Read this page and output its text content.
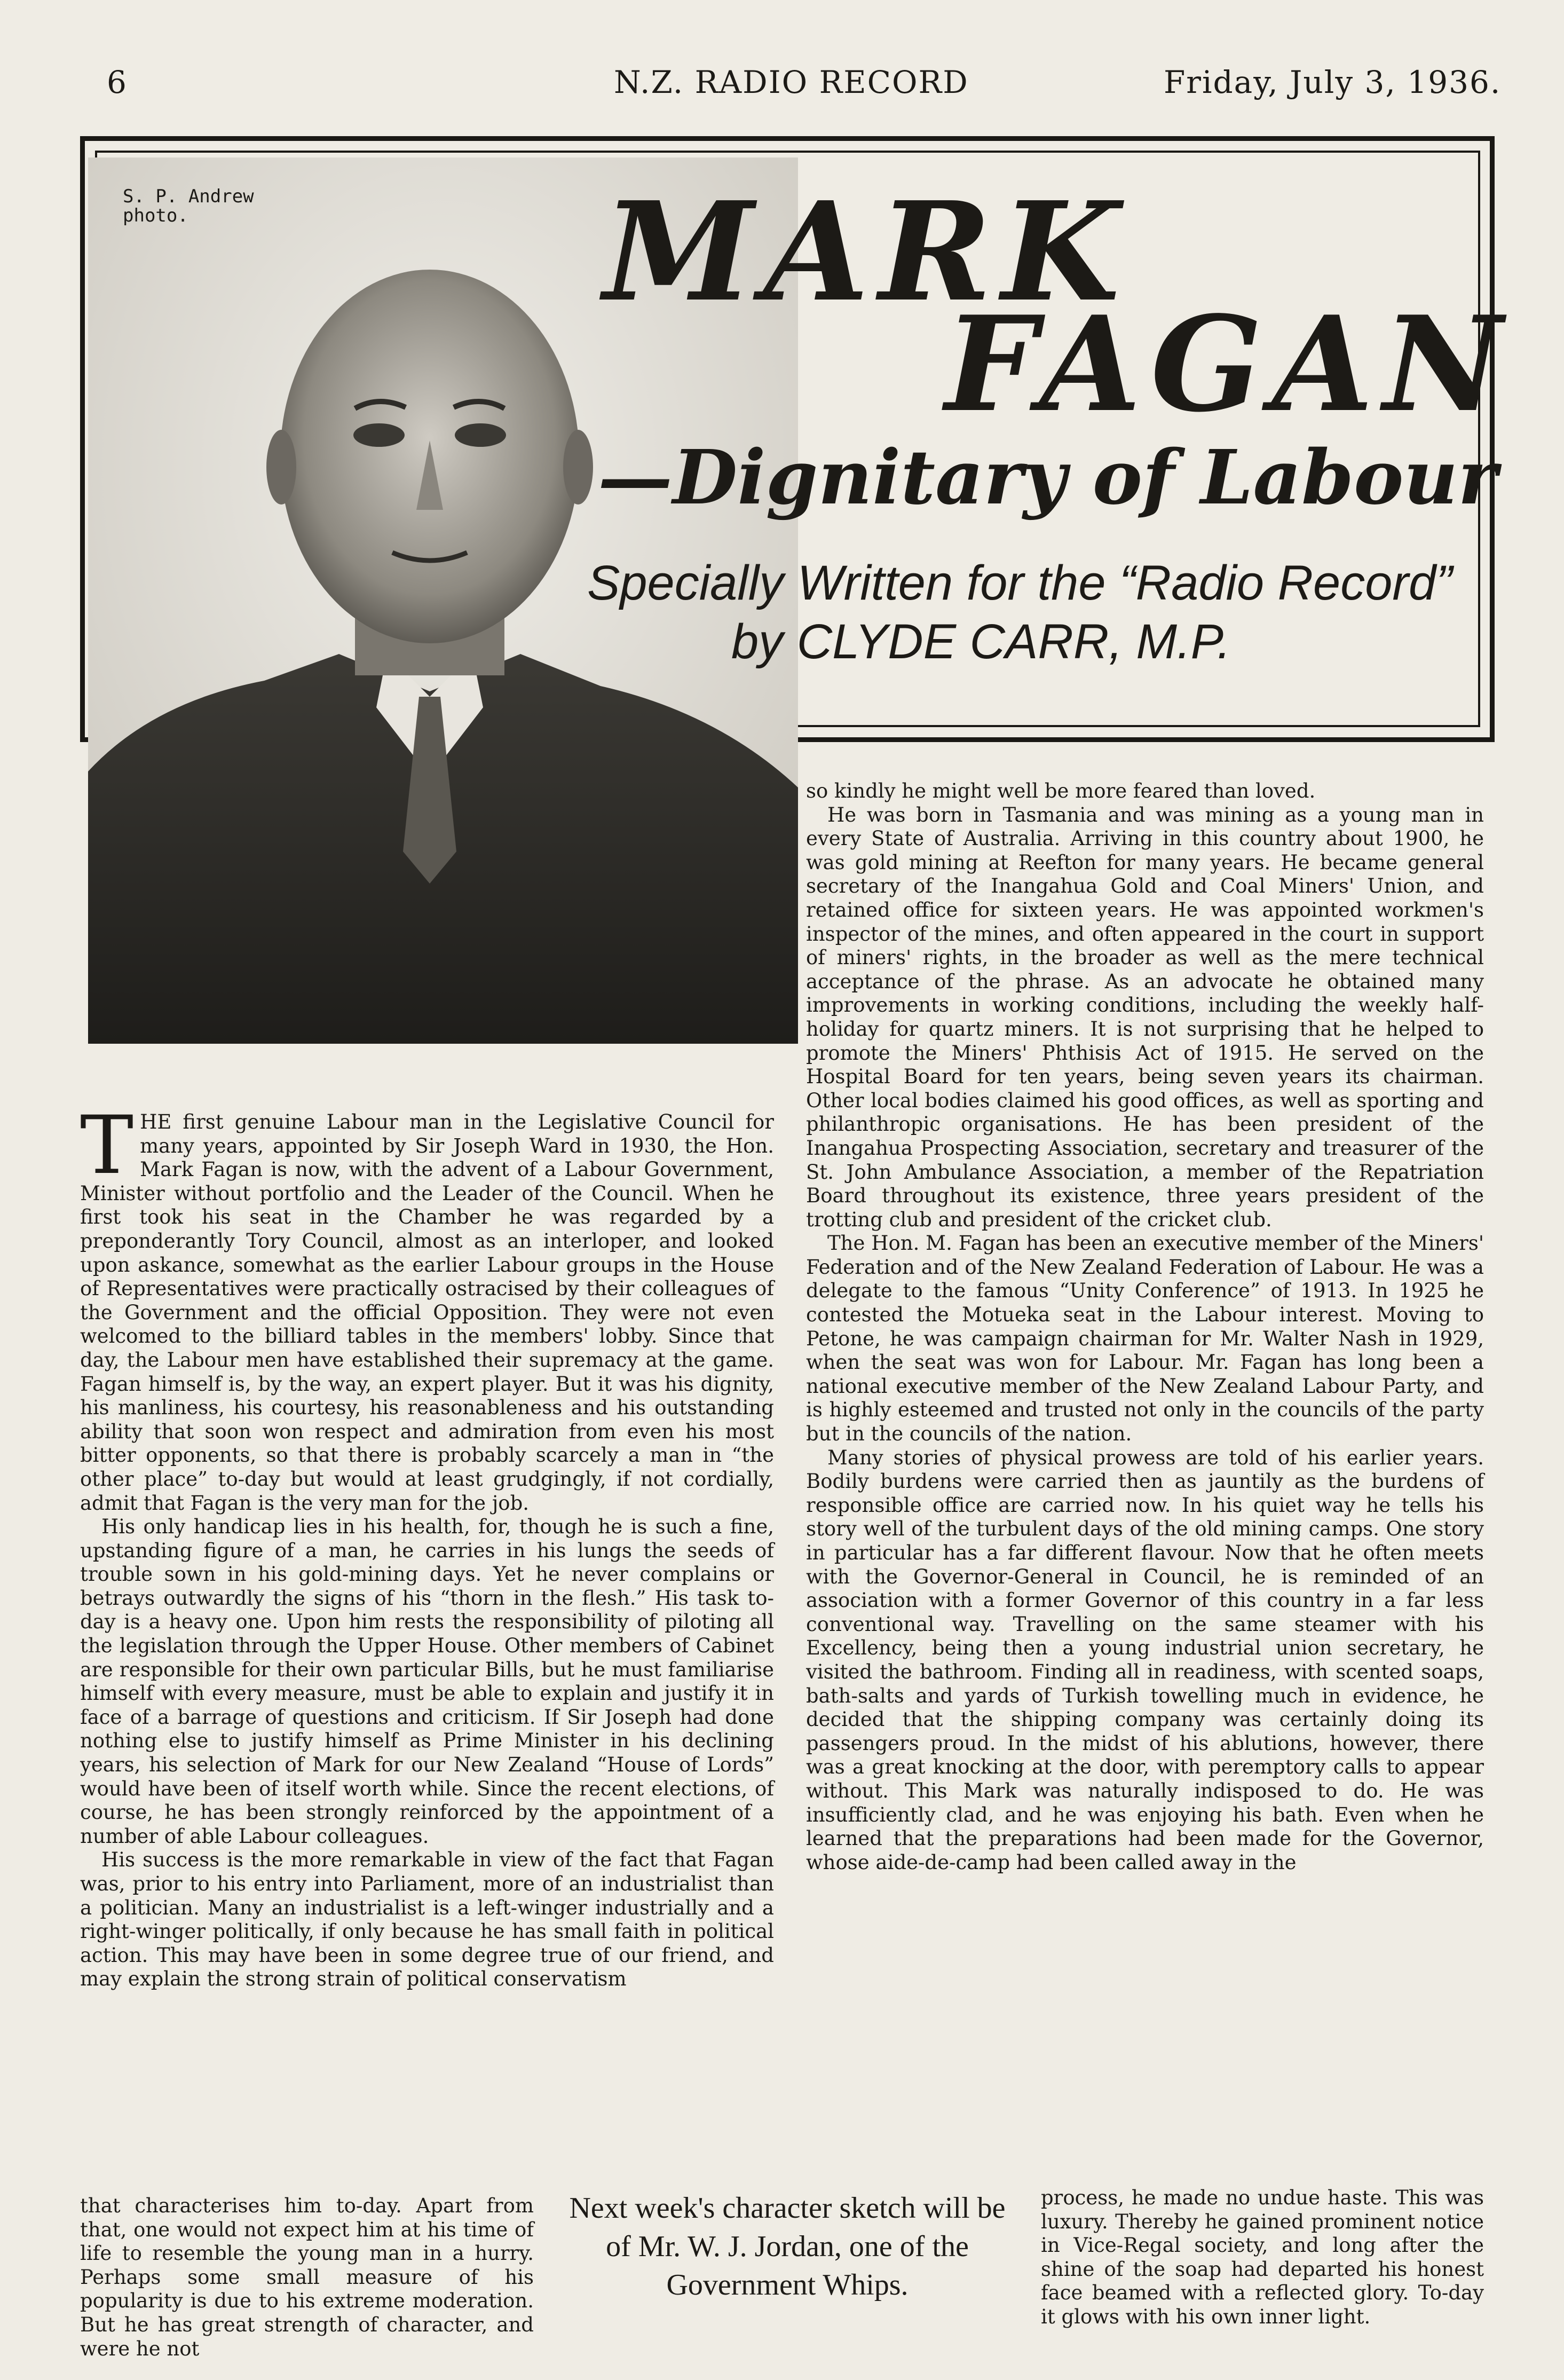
6	N.Z. RADIO RECORD	Friday, July 3, 1936.
S. P. Andrew photo.	MARK
FAGAN
—Dignitary of Labour
Specially Written for the “Radio Record”
by CLYDE CARR, M.P.
T HE first genuine Labour man in the Legislative Council for many years, appointed by Sir Joseph Ward in 1930, the Hon. Mark Fagan is now, with the advent of a Labour Government, Minister without portfolio and the Leader of the Council. When he first took his seat in the Chamber he was regarded by a preponderantly Tory Council, almost as an interloper, and looked upon askance, somewhat as the earlier Labour groups in the House of Representatives were practically ostracised by their colleagues of the Government and the official Opposition. They were not even welcomed to the billiard tables in the members' lobby. Since that day, the Labour men have established their supremacy at the game. Fagan himself is, by the way, an expert player. But it was his dignity, his manliness, his courtesy, his reasonableness and his outstanding ability that soon won respect and admiration from even his most bitter opponents, so that there is probably scarcely a man in “the other place” to-day but would at least grudgingly, if not cordially, admit that Fagan is the very man for the job.

His only handicap lies in his health, for, though he is such a fine, upstanding figure of a man, he carries in his lungs the seeds of trouble sown in his gold-mining days. Yet he never complains or betrays outwardly the signs of his “thorn in the flesh.” His task to-day is a heavy one. Upon him rests the responsibility of piloting all the legislation through the Upper House. Other members of Cabinet are responsible for their own particular Bills, but he must familiarise himself with every measure, must be able to explain and justify it in face of a barrage of questions and criticism. If Sir Joseph had done nothing else to justify himself as Prime Minister in his declining years, his selection of Mark for our New Zealand “House of Lords” would have been of itself worth while. Since the recent elections, of course, he has been strongly reinforced by the appointment of a number of able Labour colleagues.

His success is the more remarkable in view of the fact that Fagan was, prior to his entry into Parliament, more of an industrialist than a politician. Many an industrialist is a left-winger industrially and a right-winger politically, if only because he has small faith in political action. This may have been in some degree true of our friend, and may explain the strong strain of political conservatism

that characterises him to-day. Apart from that, one would not expect him at his time of life to resemble the young man in a hurry. Perhaps some small measure of his popularity is due to his extreme moderation. But he has great strength of character, and were he not

so kindly he might well be more feared than loved.

He was born in Tasmania and was mining as a young man in every State of Australia. Arriving in this country about 1900, he was gold mining at Reefton for many years. He became general secretary of the Inangahua Gold and Coal Miners' Union, and retained office for sixteen years. He was appointed workmen's inspector of the mines, and often appeared in the court in support of miners' rights, in the broader as well as the mere technical acceptance of the phrase. As an advocate he obtained many improvements in working conditions, including the weekly half-holiday for quartz miners. It is not surprising that he helped to promote the Miners' Phthisis Act of 1915. He served on the Hospital Board for ten years, being seven years its chairman. Other local bodies claimed his good offices, as well as sporting and philanthropic organisations. He has been president of the Inangahua Prospecting Association, secretary and treasurer of the St. John Ambulance Association, a member of the Repatriation Board throughout its existence, three years president of the trotting club and president of the cricket club.

The Hon. M. Fagan has been an executive member of the Miners' Federation and of the New Zealand Federation of Labour. He was a delegate to the famous “Unity Conference” of 1913. In 1925 he contested the Motueka seat in the Labour interest. Moving to Petone, he was campaign chairman for Mr. Walter Nash in 1929, when the seat was won for Labour. Mr. Fagan has long been a national executive member of the New Zealand Labour Party, and is highly esteemed and trusted not only in the councils of the party but in the councils of the nation.

Many stories of physical prowess are told of his earlier years. Bodily burdens were carried then as jauntily as the burdens of responsible office are carried now. In his quiet way he tells his story well of the turbulent days of the old mining camps. One story in particular has a far different flavour. Now that he often meets with the Governor-General in Council, he is reminded of an association with a former Governor of this country in a far less conventional way. Travelling on the same steamer with his Excellency, being then a young industrial union secretary, he visited the bathroom. Finding all in readiness, with scented soaps, bath-salts and yards of Turkish towelling much in evidence, he decided that the shipping company was certainly doing its passengers proud. In the midst of his ablutions, however, there was a great knocking at the door, with peremptory calls to appear without. This Mark was naturally indisposed to do. He was insufficiently clad, and he was enjoying his bath. Even when he learned that the preparations had been made for the Governor, whose aide-de-camp had been called away in the

process, he made no undue haste. This was luxury. Thereby he gained prominent notice in Vice-Regal society, and long after the shine of the soap had departed his honest face beamed with a reflected glory. To-day it glows with his own inner light.

Next week's character sketch will be of Mr. W. J. Jordan, one of the Government Whips.
